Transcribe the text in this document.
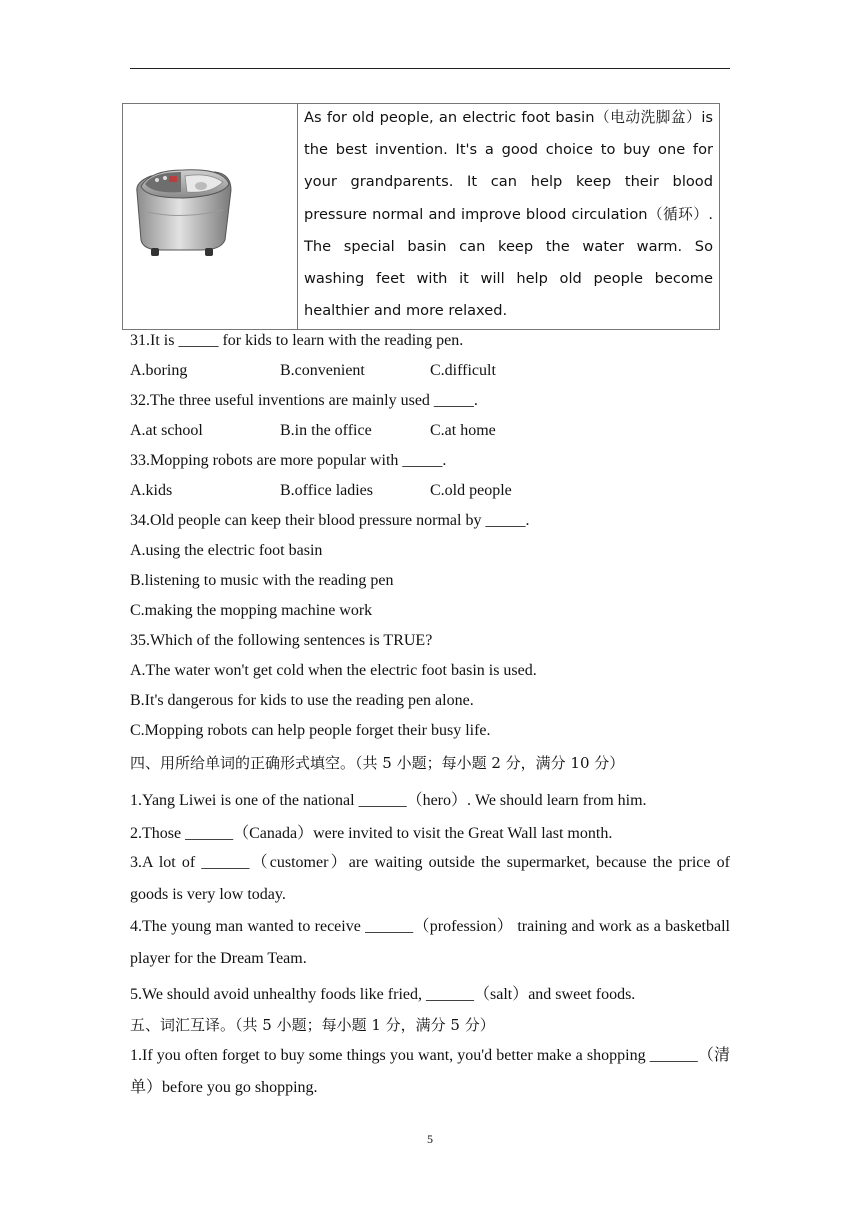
As for old people, an electric foot basin（电动洗脚盆）is the best invention. It's a good choice to buy one for your grandparents. It can help keep their blood pressure normal and improve blood circulation（循环）. The special basin can keep the water warm. So washing feet with it will help old people become healthier and more relaxed.

31.It is _____ for kids to learn with the reading pen.
A.boring	B.convenient	C.difficult
32.The three useful inventions are mainly used _____.
A.at school	B.in the office	C.at home
33.Mopping robots are more popular with _____.
A.kids	B.office ladies	C.old people
34.Old people can keep their blood pressure normal by _____.
A.using the electric foot basin
B.listening to music with the reading pen
C.making the mopping machine work
35.Which of the following sentences is TRUE?
A.The water won't get cold when the electric foot basin is used.
B.It's dangerous for kids to use the reading pen alone.
C.Mopping robots can help people forget their busy life.
四、用所给单词的正确形式填空。（共 5 小题；每小题 2 分，满分 10 分）
1.Yang Liwei is one of the national ______（hero）. We should learn from him.
2.Those ______（Canada）were invited to visit the Great Wall last month.
3.A lot of ______（customer）are waiting outside the supermarket, because the price of goods is very low today.
4.The young man wanted to receive ______（profession） training and work as a basketball player for the Dream Team.
5.We should avoid unhealthy foods like fried, ______（salt）and sweet foods.
五、词汇互译。（共 5 小题；每小题 1 分，满分 5 分）
1.If you often forget to buy some things you want, you'd better make a shopping ______（清单）before you go shopping.
5
